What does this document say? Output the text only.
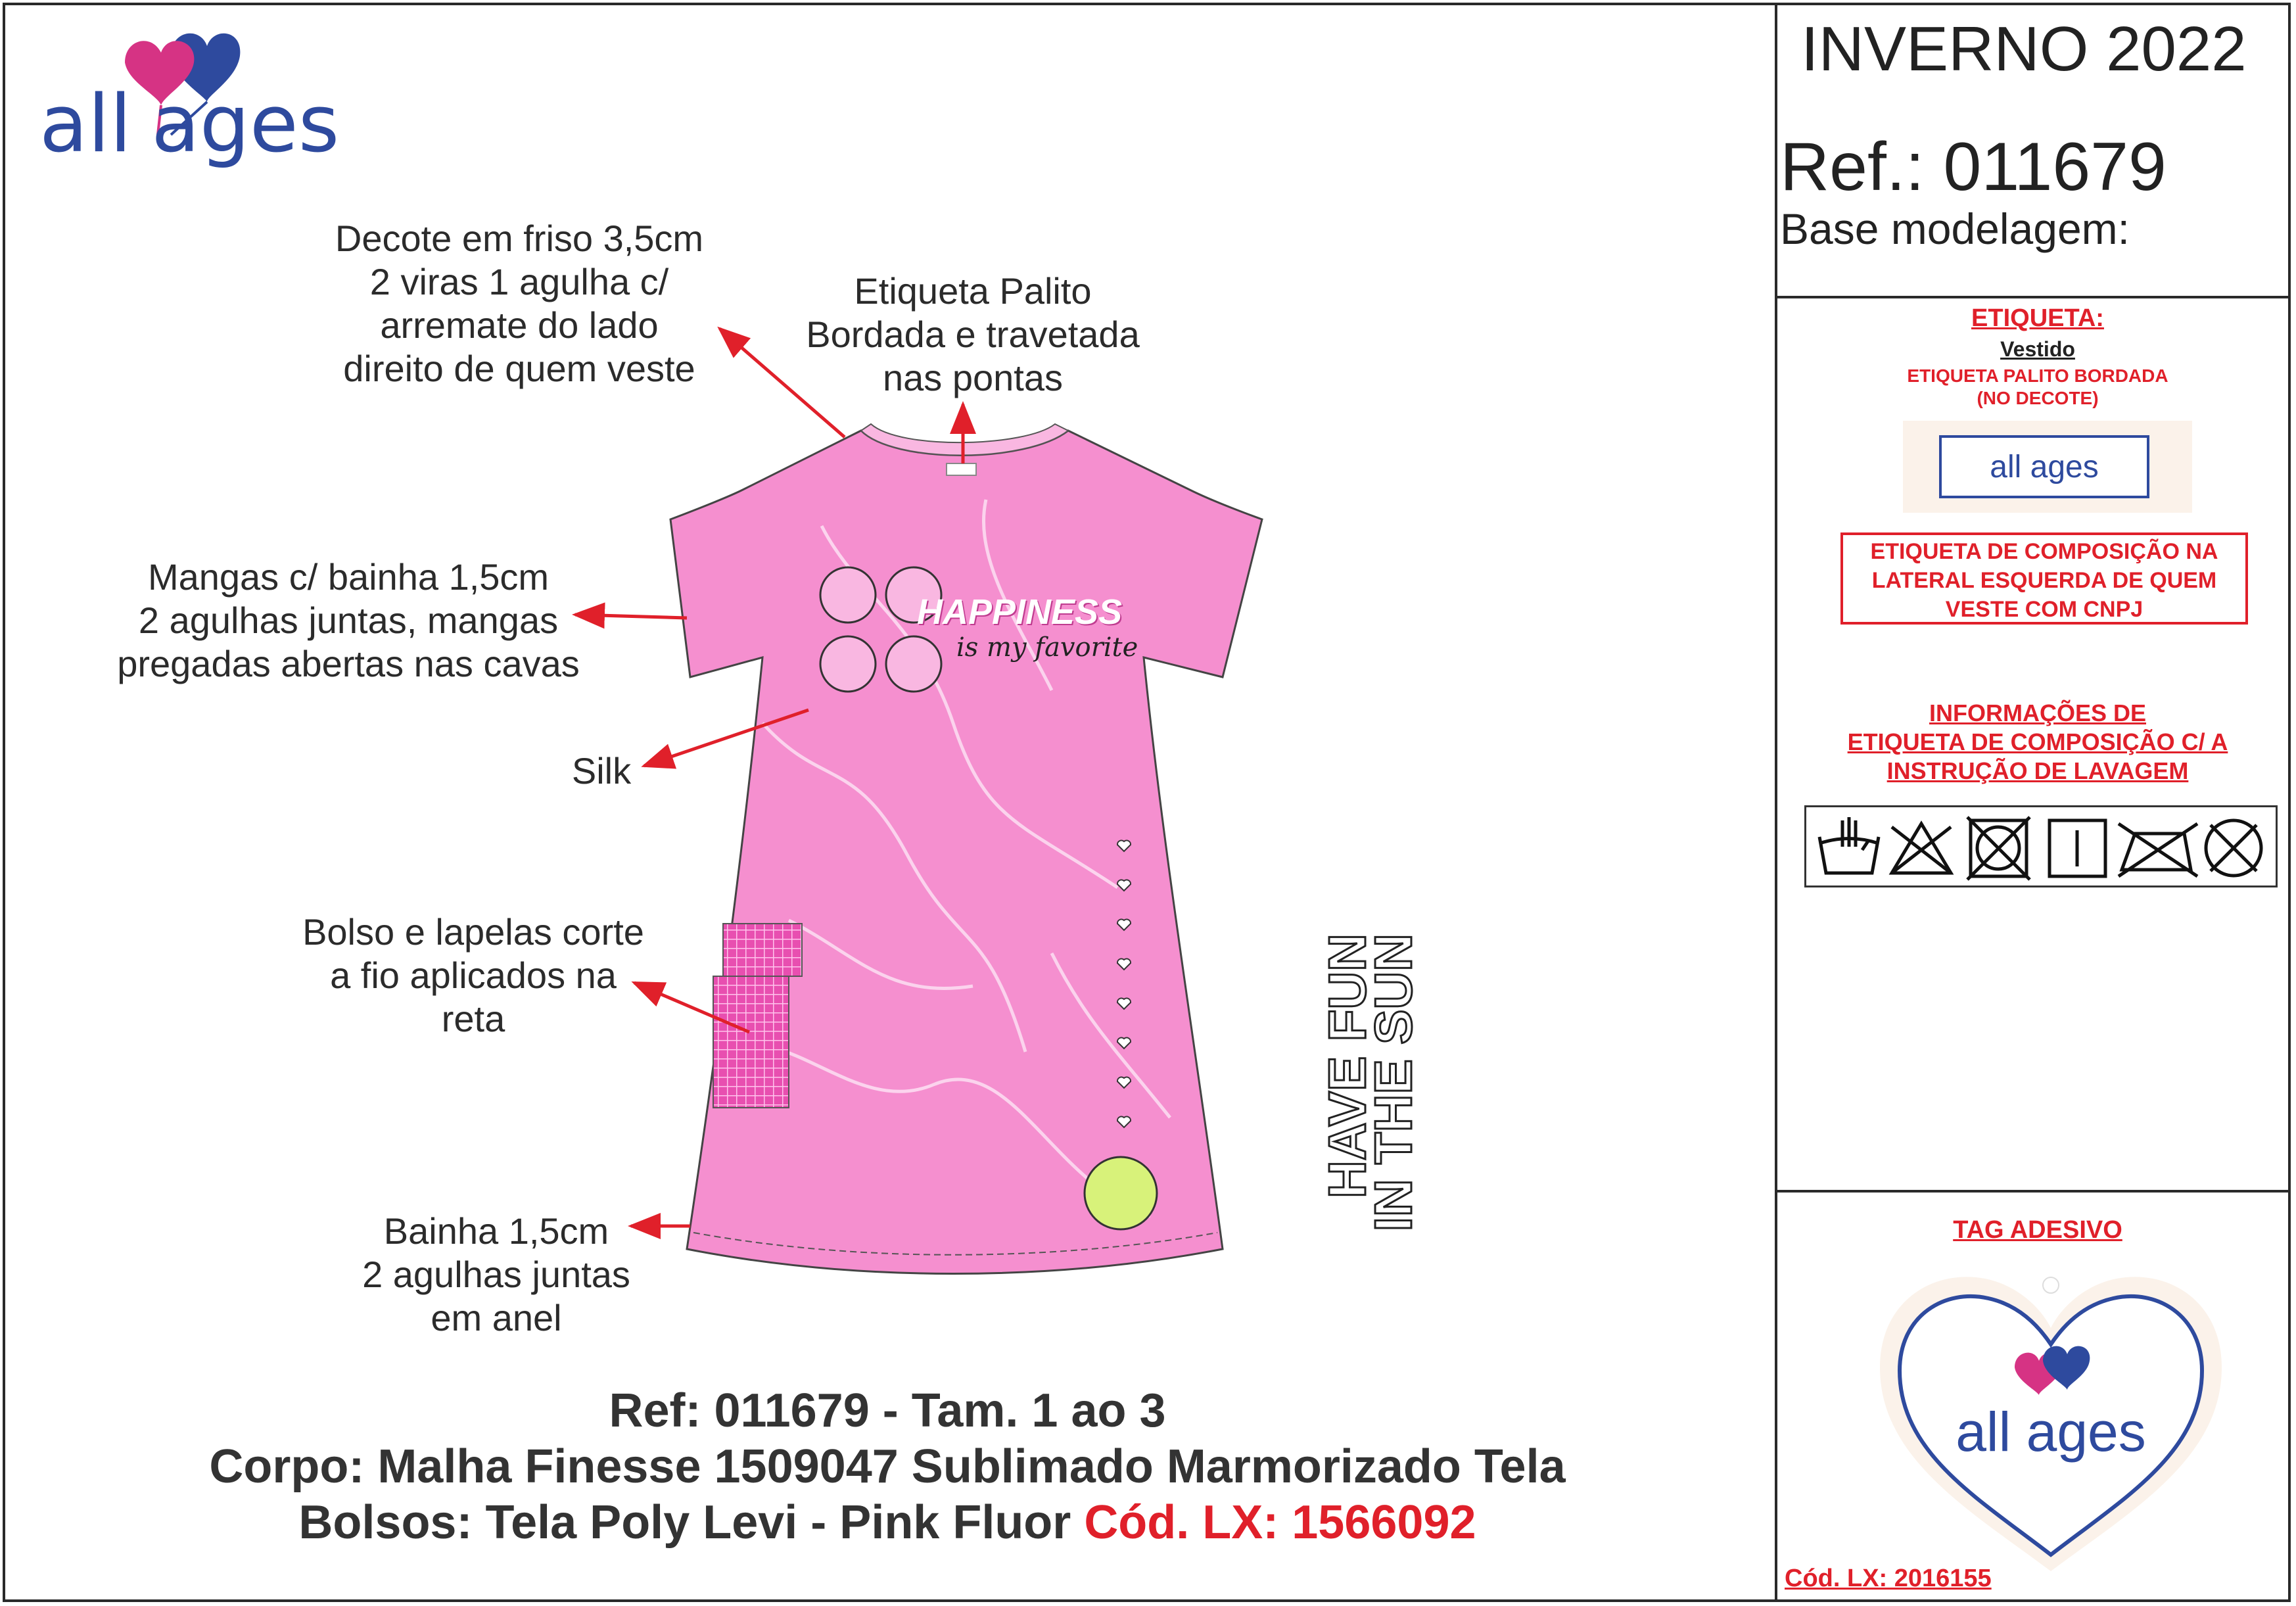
all ages
INVERNO 2022
Ref.: 011679
Base modelagem:
Decote em friso 3,5cm
2 viras 1 agulha c/
arremate do lado
direito de quem veste
Etiqueta Palito
Bordada e travetada
nas pontas
Mangas c/ bainha 1,5cm
2 agulhas juntas, mangas
pregadas abertas nas cavas
Silk
Bolso e lapelas corte
a fio aplicados na
reta
Bainha 1,5cm
2 agulhas juntas
em anel
HAPPINESS
is my favorite
HAVE FUN
IN THE SUN
Ref: 011679 - Tam. 1 ao 3
Corpo: Malha Finesse 1509047 Sublimado Marmorizado Tela
Bolsos: Tela Poly Levi - Pink Fluor Cód. LX: 1566092
ETIQUETA:
Vestido
ETIQUETA PALITO BORDADA
(NO DECOTE)
all ages
ETIQUETA DE COMPOSIÇÃO NA
LATERAL ESQUERDA DE QUEM
VESTE COM CNPJ
INFORMAÇÕES DE
ETIQUETA DE COMPOSIÇÃO C/ A
INSTRUÇÃO DE LAVAGEM
TAG ADESIVO
all ages
Cód. LX: 2016155
